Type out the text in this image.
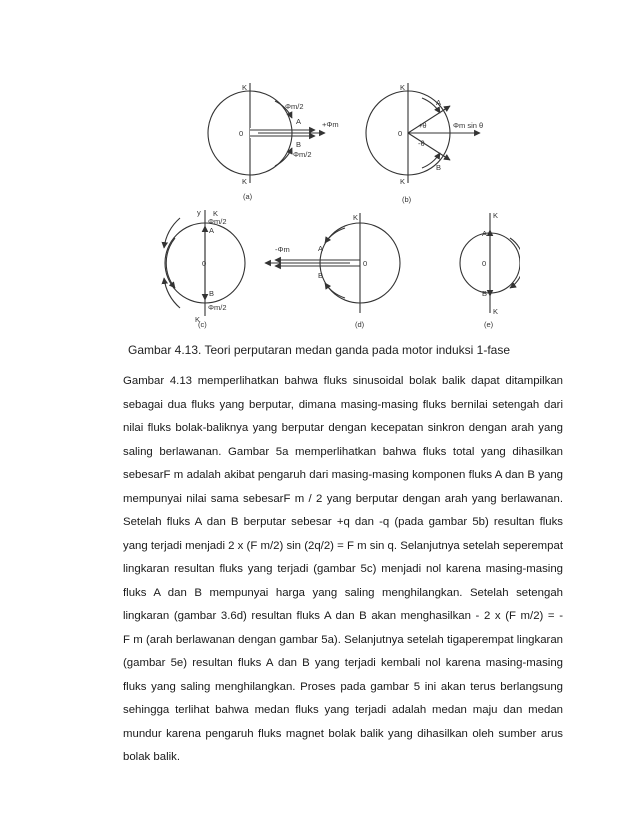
K
K
0
A
B
Φm/2
Φm/2
+Φm
(a)
K
K
0
A
B
+θ
-θ
Φm sin θ
(b)
K
K
0
A
B
y
Φm/2
Φm/2
(c)
K
0
A
B
-Φm
(d)
K
K
0
A
B
(e)
Gambar 4.13. Teori perputaran medan ganda pada motor induksi 1-fase
Gambar 4.13 memperlihatkan bahwa fluks sinusoidal bolak balik dapat ditampilkan
sebagai dua fluks yang berputar, dimana masing-masing fluks bernilai setengah dari
nilai fluks bolak-baliknya yang berputar dengan kecepatan sinkron dengan arah yang
saling berlawanan. Gambar 5a memperlihatkan bahwa fluks total yang dihasilkan
sebesarF m adalah akibat pengaruh dari masing-masing komponen fluks A dan B yang
mempunyai nilai sama sebesarF m / 2 yang berputar dengan arah yang berlawanan.
Setelah fluks A dan B berputar sebesar +q dan -q (pada gambar 5b) resultan fluks
yang terjadi menjadi 2 x (F m/2) sin (2q/2) = F m sin q. Selanjutnya setelah seperempat
lingkaran resultan fluks yang terjadi (gambar 5c) menjadi nol karena masing-masing
fluks A dan B mempunyai harga yang saling menghilangkan. Setelah setengah
lingkaran (gambar 3.6d) resultan fluks A dan B akan menghasilkan - 2 x (F m/2) = -
F m (arah berlawanan dengan gambar 5a). Selanjutnya setelah tigaperempat lingkaran
(gambar 5e) resultan fluks A dan B yang terjadi kembali nol karena masing-masing
fluks yang saling menghilangkan. Proses pada gambar 5 ini akan terus berlangsung
sehingga terlihat bahwa medan fluks yang terjadi adalah medan maju dan medan
mundur karena pengaruh fluks magnet bolak balik yang dihasilkan oleh sumber arus
bolak balik.
